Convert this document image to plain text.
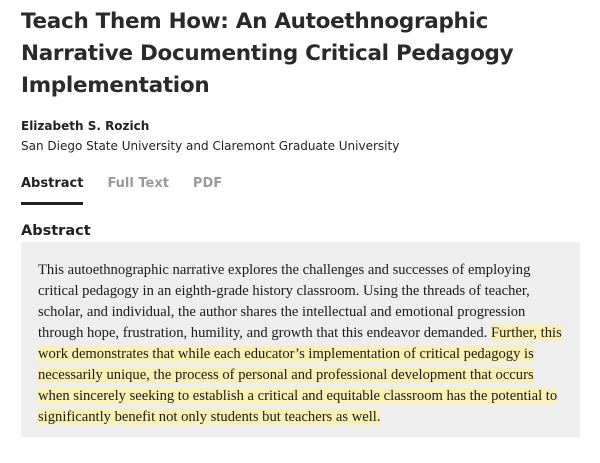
Teach Them How: An Autoethnographic Narrative Documenting Critical Pedagogy Implementation
Elizabeth S. Rozich
San Diego State University and Claremont Graduate University
Abstract Full Text PDF
Abstract

This autoethnographic narrative explores the challenges and successes of employing critical pedagogy in an eighth-grade history classroom. Using the threads of teacher, scholar, and individual, the author shares the intellectual and emotional progression through hope, frustration, humility, and growth that this endeavor demanded. Further, this work demonstrates that while each educator’s implementation of critical pedagogy is necessarily unique, the process of personal and professional development that occurs when sincerely seeking to establish a critical and equitable classroom has the potential to significantly benefit not only students but teachers as well.
